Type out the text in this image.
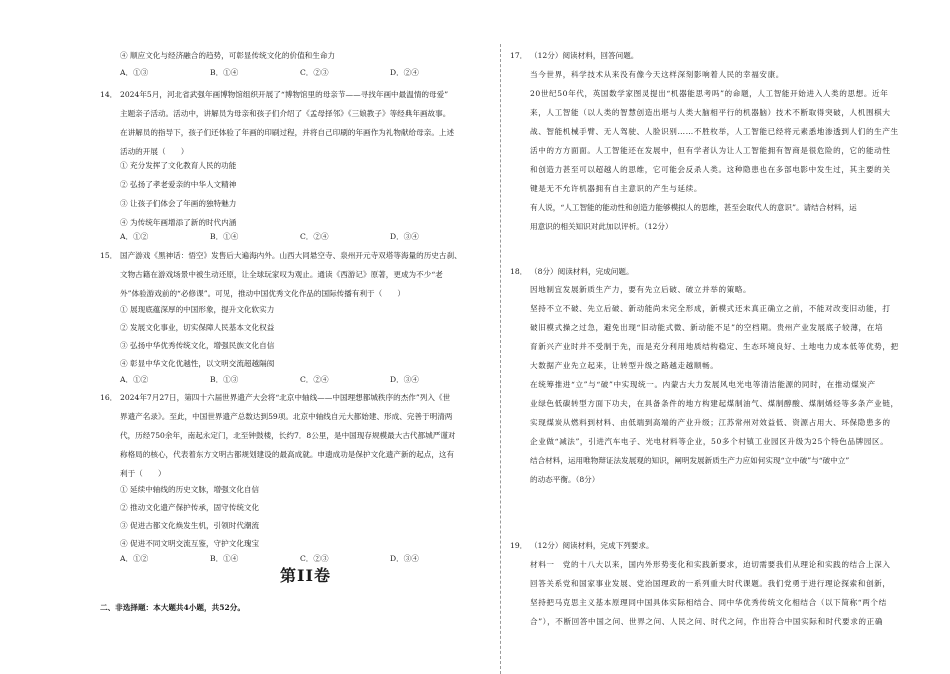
④ 顺应文化与经济融合的趋势，可彰显传统文化的价值和生命力
A．①③	B．①④	C．②③	D．②④
14． 2024年5月，河北省武强年画博物馆组织开展了“博物馆里的母亲节——寻找年画中最温情的母爱”
主题亲子活动。活动中，讲解员为母亲和孩子们介绍了《孟母择邻》《三娘教子》等经典年画故事。
在讲解员的指导下，孩子们还体验了年画的印刷过程，并将自己印刷的年画作为礼物献给母亲。上述
活动的开展（　　）
① 充分发挥了文化教育人民的功能
② 弘扬了孝老爱亲的中华人文精神
③ 让孩子们体会了年画的独特魅力
④ 为传统年画增添了新的时代内涵
A．①②	B．①④	C．②④	D．③④
15． 国产游戏《黑神话：悟空》发售后大遍海内外。山西大同悬空寺、泉州开元寺双塔等海量的历史古刹、
文物古籍在游戏场景中被生动还原，让全球玩家叹为观止。通读《西游记》原著，更成为不少“老
外”体验游戏前的“必修课”。可见，推动中国优秀文化作品的国际传播有利于（　　）
① 展现底蕴深厚的中国形象，提升文化软实力
② 发展文化事业，切实保障人民基本文化权益
③ 弘扬中华优秀传统文化，增强民族文化自信
④ 彰显中华文化优越性，以文明交流超越隔阂
A．①②	B．①③	C．②④	D．③④
16． 2024年7月27日，第四十六届世界遗产大会将“北京中轴线——中国理想都城秩序的杰作”列入《世
界遗产名录》。至此，中国世界遗产总数达到59项。北京中轴线自元大都始建、形成、完善于明清两
代，历经750余年，南起永定门，北至钟鼓楼，长约7．8公里，是中国现存规模最大古代都城严谨对
称格局的核心，代表着东方文明古都规划建设的最高成就。申遗成功是保护文化遗产新的起点，这有
利于（　　）
① 延续中轴线的历史文脉，增强文化自信
② 推动文化遗产保护传承，固守传统文化
③ 促进古都文化焕发生机，引领时代潮流
④ 促进不同文明交流互鉴，守护文化瑰宝
A．①②	B．①④	C．②③	D．③④
第II卷
二、非选择题：本大题共4小题，共52分。
17． （12分）阅读材料，回答问题。
当今世界，科学技术从来没有像今天这样深刻影响着人民的幸福安康。
20世纪50年代，英国数学家图灵提出“机器能思考吗”的命题，人工智能开始进入人类的思想。近年
来，人工智能（以人类的智慧创造出堪与人类大脑相平行的机器脑）技术不断取得突破，人机围棋大
战、智能机械手臂、无人驾驶、人脸识别……不胜枚举，人工智能已经将元素悉地渗透到人们的生产生
活中的方方面面。人工智能还在发展中，但有学者认为让人工智能拥有智商是很危险的，它的能动性
和创造力甚至可以超越人的思维，它可能会反杀人类。这种隐患也在多部电影中发生过，其主要的关
键是无不允许机器拥有自主意识的产生与延续。
有人说，“人工智能的能动性和创造力能够模拟人的思维，甚至会取代人的意识”。请结合材料，运
用意识的相关知识对此加以评析。（12分）
18． （8分）阅读材料，完成问题。
因地制宜发展新质生产力，要有先立后破、破立并举的策略。
坚持不立不破、先立后破、新动能尚未完全形成，新模式还未真正确立之前，不能对改变旧动能，打
破旧模式操之过急，避免出现“旧动能式微、新动能不足”的空档期。贵州产业发展底子较薄，在培
育新兴产业时并不受制于先，而是充分利用地质结构稳定、生态环境良好、土地电力成本低等优势，把
大数据产业先立起来，让转型升级之路越走越顺畅。
在统筹推进“立”与“破”中实现统一。内蒙古大力发展风电光电等清洁能源的同时，在推动煤炭产
业绿色低碳转型方面下功夫，在具备条件的地方构建起煤制油气、煤制醇酸、煤制烯烃等多条产业链，
实现煤炭从燃料到材料、由低端到高端的产业升级；江苏常州对效益低、资源占用大、环保隐患多的
企业做“减法”，引进汽车电子、光电材料等企业，50多个村镇工业园区升级为25个特色品牌园区。
结合材料，运用唯物辩证法发展观的知识，阐明发展新质生产力应如何实现“立中破”与“破中立”
的动态平衡。（8分）
19． （12分）阅读材料，完成下列要求。
材料一　党的十八大以来，国内外形势变化和实践新要求，迫切需要我们从理论和实践的结合上深入
回答关系党和国家事业发展、党治国理政的一系列重大时代课题。我们党勇于进行理论探索和创新，
坚持把马克思主义基本原理同中国具体实际相结合、同中华优秀传统文化相结合（以下简称“两个结
合”），不断回答中国之问、世界之问、人民之问、时代之问，作出符合中国实际和时代要求的正确
